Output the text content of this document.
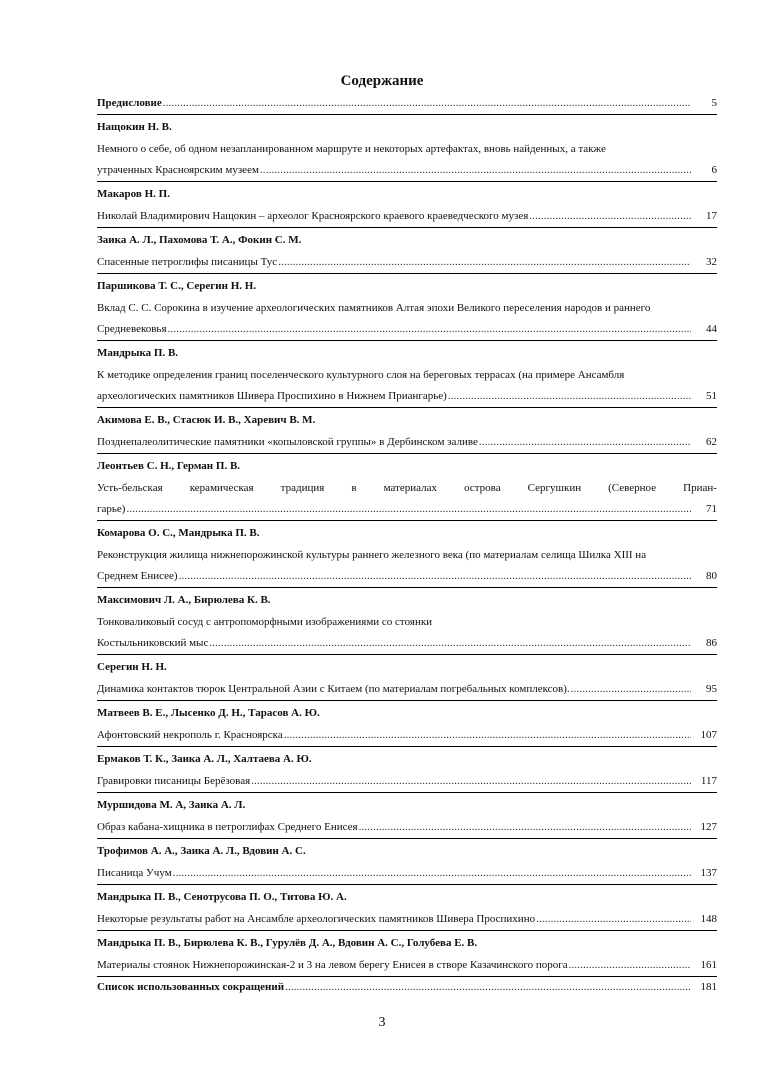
Содержание
Предисловие . . .	5
Нащокин Н. В.
Немного о себе, об одном незапланированном маршруте и некоторых артефактах, вновь найденных, а также
утраченных Красноярским музеем . . .	6
Макаров Н. П.
Николай Владимирович Нащокин – археолог Красноярского краевого краеведческого музея . . .	17
Заика А. Л., Пахомова Т. А., Фокин С. М.
Спасенные петроглифы писаницы Тус . . .	32
Паршикова Т. С., Серегин Н. Н.
Вклад С. С. Сорокина в изучение археологических памятников Алтая эпохи Великого переселения народов и раннего
Средневековья . . .	44
Мандрыка П. В.
К методике определения границ поселенческого культурного слоя на береговых террасах (на примере Ансамбля
археологических памятников Шивера Проспихино в Нижнем Приангарье) . . .	51
Акимова Е. В., Стасюк И. В., Харевич В. М.
Позднепалеолитические памятники «копыловской группы» в Дербинском заливе . . .	62
Леонтьев С. Н., Герман П. В.
Усть-бельская керамическая традиция в материалах острова Сергушкин (Северное Приан-
гарье) . . .	71
Комарова О. С., Мандрыка П. В.
Реконструкция жилища нижнепорожинской культуры раннего железного века (по материалам селища Шилка XIII на
Среднем Енисее) . . .	80
Максимович Л. А., Бирюлева К. В.
Тонковаликовый сосуд с антропоморфными изображениями со стоянки
Костыльниковский мыс . . .	86
Серегин Н. Н.
Динамика контактов тюрок Центральной Азии с Китаем (по материалам погребальных комплексов). . . .	95
Матвеев В. Е., Лысенко Д. Н., Тарасов А. Ю.
Афонтовский некрополь г. Красноярска . . .	107
Ермаков Т. К., Заика А. Л., Халтаева А. Ю.
Гравировки писаницы Берёзовая . . .	117
Муршидова М. А, Заика А. Л.
Образ кабана-хищника в петроглифах Среднего Енисея . . .	127
Трофимов А. А., Заика А. Л., Вдовин А. С.
Писаница Учум . . .	137
Мандрыка П. В., Сенотрусова П. О., Титова Ю. А.
Некоторые результаты работ на Ансамбле археологических памятников Шивера Проспихино . . .	148
Мандрыка П. В., Бирюлева К. В., Гурулёв Д. А., Вдовин А. С., Голубева Е. В.
Материалы стоянок Нижнепорожинская-2 и 3 на левом берегу Енисея в створе Казачинского порога . . .	161
Список использованных сокращений . . .	181
3
